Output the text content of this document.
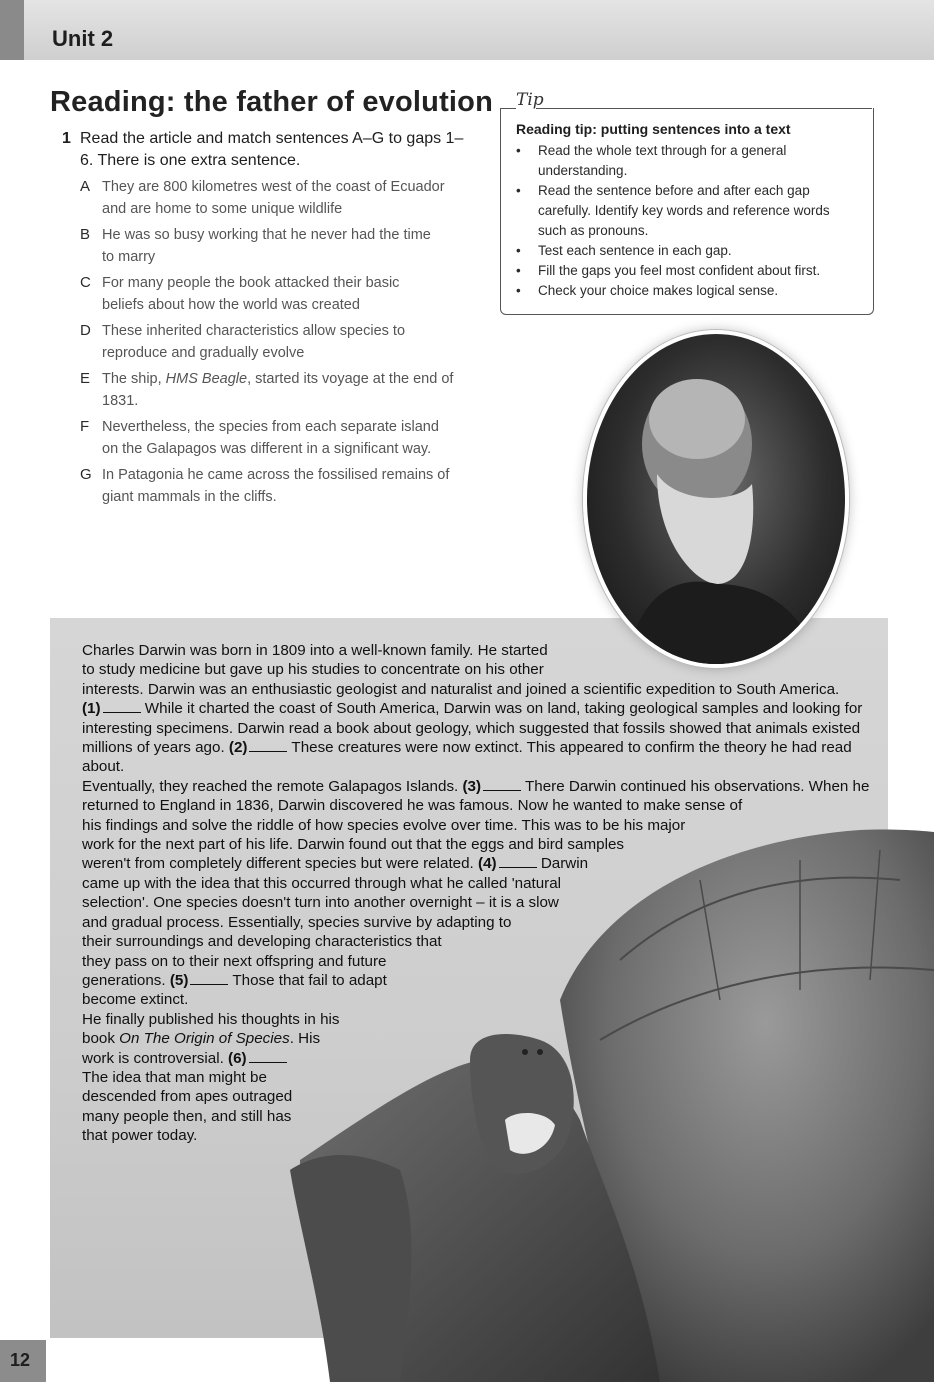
Unit 2
Reading: the father of evolution
1 Read the article and match sentences A–G to gaps 1–6. There is one extra sentence.
A They are 800 kilometres west of the coast of Ecuador
and are home to some unique wildlife
B He was so busy working that he never had the time
to marry
C For many people the book attacked their basic
beliefs about how the world was created
D These inherited characteristics allow species to
reproduce and gradually evolve
E The ship, HMS Beagle, started its voyage at the end of
1831.
F Nevertheless, the species from each separate island
on the Galapagos was different in a significant way.
G In Patagonia he came across the fossilised remains of
giant mammals in the cliffs.
Tip
Reading tip: putting sentences into a text
• Read the whole text through for a general
understanding.
• Read the sentence before and after each gap
carefully. Identify key words and reference words
such as pronouns.
• Test each sentence in each gap.
• Fill the gaps you feel most confident about first.
• Check your choice makes logical sense.
Charles Darwin was born in 1809 into a well-known family. He started
to study medicine but gave up his studies to concentrate on his other
interests. Darwin was an enthusiastic geologist and naturalist and joined a scientific expedition to South America.
(1)	While it charted the coast of South America, Darwin was on land, taking geological samples and looking for
interesting specimens. Darwin read a book about geology, which suggested that fossils showed that animals existed
millions of years ago. (2)	These creatures were now extinct. This appeared to confirm the theory he had read
about.
Eventually, they reached the remote Galapagos Islands. (3)	There Darwin continued his observations. When he
returned to England in 1836, Darwin discovered he was famous. Now he wanted to make sense of
his findings and solve the riddle of how species evolve over time. This was to be his major
work for the next part of his life. Darwin found out that the eggs and bird samples
weren't from completely different species but were related. (4)	Darwin
came up with the idea that this occurred through what he called 'natural
selection'. One species doesn't turn into another overnight – it is a slow
and gradual process. Essentially, species survive by adapting to
their surroundings and developing characteristics that
they pass on to their next offspring and future
generations. (5)	Those that fail to adapt
become extinct.
He finally published his thoughts in his
book On The Origin of Species. His
work is controversial. (6)
The idea that man might be
descended from apes outraged
many people then, and still has
that power today.
12
